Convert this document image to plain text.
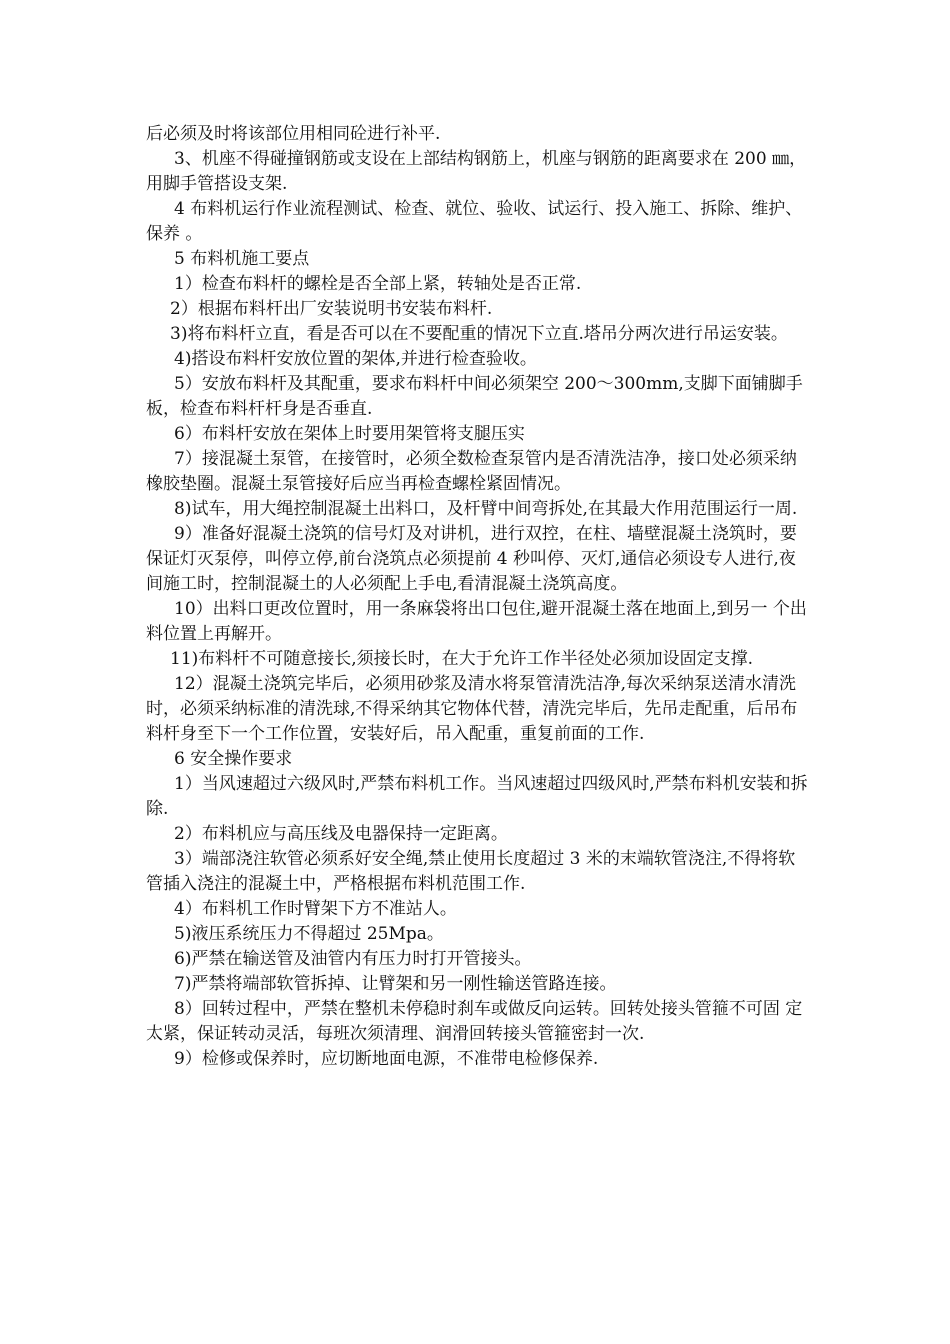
后必须及时将该部位用相同砼进行补平.

3、机座不得碰撞钢筋或支设在上部结构钢筋上，机座与钢筋的距离要求在 200 ㎜， 用脚手管搭设支架.

4 布料机运行作业流程测试、检查、就位、验收、试运行、投入施工、拆除、维护、保养 。

5 布料机施工要点

1）检查布料杆的螺栓是否全部上紧，转轴处是否正常.

2）根据布料杆出厂安装说明书安装布料杆.

3)将布料杆立直，看是否可以在不要配重的情况下立直.塔吊分两次进行吊运安装。

4)搭设布料杆安放位置的架体,并进行检查验收。

5）安放布料杆及其配重，要求布料杆中间必须架空 200～300mm,支脚下面铺脚手 板，检查布料杆杆身是否垂直.

6）布料杆安放在架体上时要用架管将支腿压实

7）接混凝土泵管，在接管时，必须全数检查泵管内是否清洗洁净，接口处必须采纳橡胶垫圈。混凝土泵管接好后应当再检查螺栓紧固情况。

8)试车，用大绳控制混凝土出料口，及杆臂中间弯拆处,在其最大作用范围运行一周.

9）准备好混凝土浇筑的信号灯及对讲机，进行双控，在柱、墙壁混凝土浇筑时，要保证灯灭泵停，叫停立停,前台浇筑点必须提前 4 秒叫停、灭灯,通信必须设专人进行,夜间施工时，控制混凝土的人必须配上手电,看清混凝土浇筑高度。

10）出料口更改位置时，用一条麻袋将出口包住,避开混凝土落在地面上,到另一 个出料位置上再解开。

11)布料杆不可随意接长,须接长时，在大于允许工作半径处必须加设固定支撑.

12）混凝土浇筑完毕后，必须用砂浆及清水将泵管清洗洁净,每次采纳泵送清水清洗时，必须采纳标准的清洗球,不得采纳其它物体代替，清洗完毕后，先吊走配重，后吊布料杆身至下一个工作位置，安装好后，吊入配重，重复前面的工作.

6 安全操作要求

1）当风速超过六级风时,严禁布料机工作。当风速超过四级风时,严禁布料机安装和拆除.

2）布料机应与高压线及电器保持一定距离。

3）端部浇注软管必须系好安全绳,禁止使用长度超过 3 米的末端软管浇注,不得将软管插入浇注的混凝土中，严格根据布料机范围工作.

4）布料机工作时臂架下方不准站人。

5)液压系统压力不得超过 25Mpa。

6)严禁在输送管及油管内有压力时打开管接头。

7)严禁将端部软管拆掉、让臂架和另一刚性输送管路连接。

8）回转过程中，严禁在整机未停稳时刹车或做反向运转。回转处接头管箍不可固 定太紧，保证转动灵活，每班次须清理、润滑回转接头管箍密封一次.

9）检修或保养时，应切断地面电源，不准带电检修保养.
